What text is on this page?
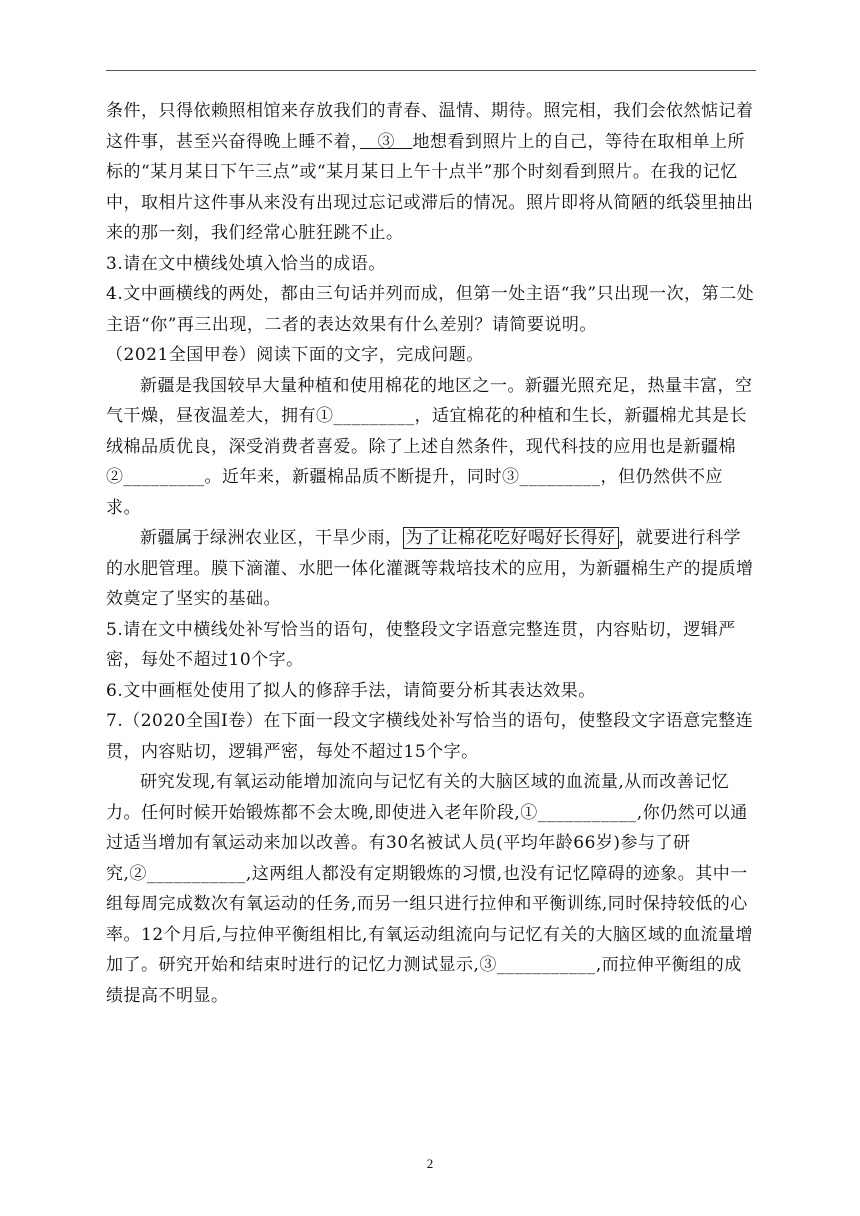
条件，只得依赖照相馆来存放我们的青春、温情、期待。照完相，我们会依然惦记着这件事，甚至兴奋得晚上睡不着，　③　地想看到照片上的自己，等待在取相单上所标的“某月某日下午三点”或“某月某日上午十点半”那个时刻看到照片。在我的记忆中，取相片这件事从来没有出现过忘记或滞后的情况。照片即将从简陋的纸袋里抽出来的那一刻，我们经常心脏狂跳不止。

3.请在文中横线处填入恰当的成语。

4.文中画横线的两处，都由三句话并列而成，但第一处主语“我”只出现一次，第二处主语“你”再三出现，二者的表达效果有什么差别？请简要说明。

（2021全国甲卷）阅读下面的文字，完成问题。

新疆是我国较早大量种植和使用棉花的地区之一。新疆光照充足，热量丰富，空气干燥，昼夜温差大，拥有①_________，适宜棉花的种植和生长，新疆棉尤其是长绒棉品质优良，深受消费者喜爱。除了上述自然条件，现代科技的应用也是新疆棉②_________。近年来，新疆棉品质不断提升，同时③_________，但仍然供不应求。

新疆属于绿洲农业区，干旱少雨， 为了让棉花吃好喝好长得好 ，就要进行科学的水肥管理。膜下滴灌、水肥一体化灌溉等栽培技术的应用，为新疆棉生产的提质增效奠定了坚实的基础。

5.请在文中横线处补写恰当的语句，使整段文字语意完整连贯，内容贴切，逻辑严密，每处不超过10个字。

6.文中画框处使用了拟人的修辞手法，请简要分析其表达效果。

7.（2020全国Ⅰ卷）在下面一段文字横线处补写恰当的语句，使整段文字语意完整连贯，内容贴切，逻辑严密，每处不超过15个字。

研究发现,有氧运动能增加流向与记忆有关的大脑区域的血流量,从而改善记忆力。任何时候开始锻炼都不会太晚,即使进入老年阶段,①___________,你仍然可以通过适当增加有氧运动来加以改善。有30名被试人员(平均年龄66岁)参与了研究,②___________,这两组人都没有定期锻炼的习惯,也没有记忆障碍的迹象。其中一组每周完成数次有氧运动的任务,而另一组只进行拉伸和平衡训练,同时保持较低的心率。12个月后,与拉伸平衡组相比,有氧运动组流向与记忆有关的大脑区域的血流量增加了。研究开始和结束时进行的记忆力测试显示,③___________,而拉伸平衡组的成绩提高不明显。

2
